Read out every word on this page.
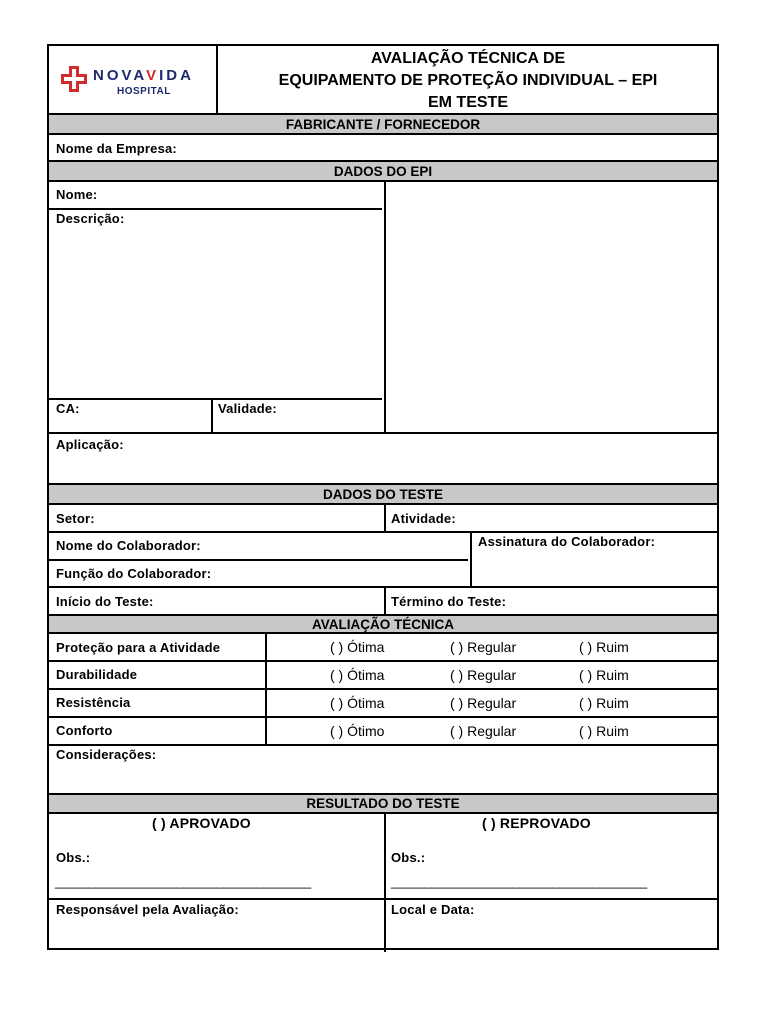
NOVAVIDA
HOSPITAL
AVALIAÇÃO TÉCNICA DE
EQUIPAMENTO DE PROTEÇÃO INDIVIDUAL – EPI
EM TESTE
FABRICANTE / FORNECEDOR
Nome da Empresa:
DADOS DO EPI
Nome:
Descrição:
CA:	Validade:
Aplicação:
DADOS DO TESTE
Setor:	Atividade:
Nome do Colaborador:	Assinatura do Colaborador:
Função do Colaborador:
Início do Teste:	Término do Teste:
AVALIAÇÃO TÉCNICA
Proteção para a Atividade	( ) Ótima	( ) Regular	( ) Ruim
Durabilidade	( ) Ótima	( ) Regular	( ) Ruim
Resistência	( ) Ótima	( ) Regular	( ) Ruim
Conforto	( ) Ótimo	( ) Regular	( ) Ruim
Considerações:
RESULTADO DO TESTE
( ) APROVADO	( ) REPROVADO
Obs.:	Obs.:
______________________________________	______________________________________
Responsável pela Avaliação:	Local e Data:
